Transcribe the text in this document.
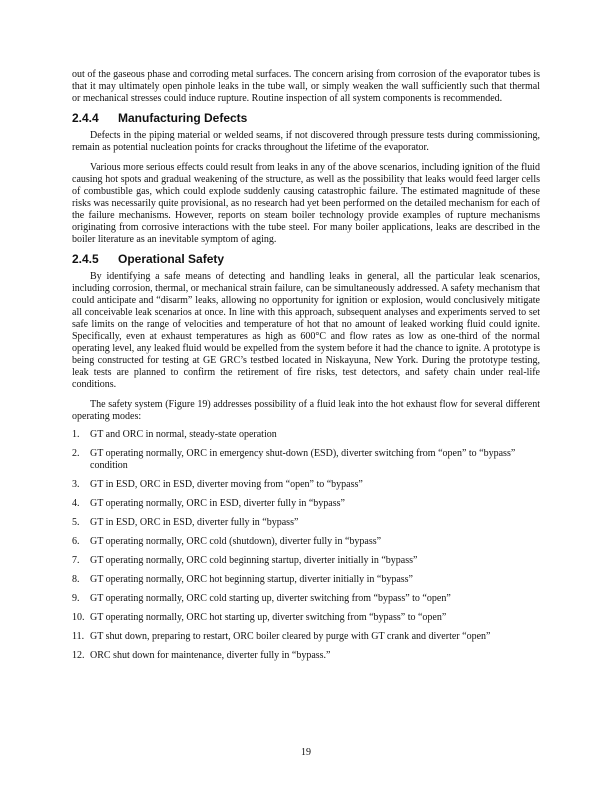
out of the gaseous phase and corroding metal surfaces. The concern arising from corrosion of the evaporator tubes is that it may ultimately open pinhole leaks in the tube wall, or simply weaken the wall sufficiently such that thermal or mechanical stresses could induce rupture. Routine inspection of all system components is recommended.

2.4.4	Manufacturing Defects

Defects in the piping material or welded seams, if not discovered through pressure tests during commissioning, remain as potential nucleation points for cracks throughout the lifetime of the evaporator.

Various more serious effects could result from leaks in any of the above scenarios, including ignition of the fluid causing hot spots and gradual weakening of the structure, as well as the possibility that leaks would feed larger cells of combustible gas, which could explode suddenly causing catastrophic failure. The estimated magnitude of these risks was necessarily quite provisional, as no research had yet been performed on the detailed mechanism for each of the failure mechanisms. However, reports on steam boiler technology provide examples of rupture mechanisms originating from corrosive interactions with the tube steel. For many boiler applications, leaks are described in the boiler literature as an inevitable symptom of aging.

2.4.5	Operational Safety

By identifying a safe means of detecting and handling leaks in general, all the particular leak scenarios, including corrosion, thermal, or mechanical strain failure, can be simultaneously addressed. A safety mechanism that could anticipate and “disarm” leaks, allowing no opportunity for ignition or explosion, would conclusively mitigate all conceivable leak scenarios at once. In line with this approach, subsequent analyses and experiments served to set safe limits on the range of velocities and temperature of hot that no amount of leaked working fluid could ignite. Specifically, even at exhaust temperatures as high as 600°C and flow rates as low as one-third of the normal operating level, any leaked fluid would be expelled from the system before it had the chance to ignite. A prototype is being constructed for testing at GE GRC’s testbed located in Niskayuna, New York. During the prototype testing, leak tests are planned to confirm the retirement of fire risks, test detectors, and safety chain under real-life conditions.

The safety system (Figure 19) addresses possibility of a fluid leak into the hot exhaust flow for several different operating modes:

1.	GT and ORC in normal, steady-state operation
2.	GT operating normally, ORC in emergency shut-down (ESD), diverter switching from “open” to “bypass” condition
3.	GT in ESD, ORC in ESD, diverter moving from “open” to “bypass”
4.	GT operating normally, ORC in ESD, diverter fully in “bypass”
5.	GT in ESD, ORC in ESD, diverter fully in “bypass”
6.	GT operating normally, ORC cold (shutdown), diverter fully in “bypass”
7.	GT operating normally, ORC cold beginning startup, diverter initially in “bypass”
8.	GT operating normally, ORC hot beginning startup, diverter initially in “bypass”
9.	GT operating normally, ORC cold starting up, diverter switching from “bypass” to “open”
10. GT operating normally, ORC hot starting up, diverter switching from “bypass” to “open”
11. GT shut down, preparing to restart, ORC boiler cleared by purge with GT crank and diverter “open”
12. ORC shut down for maintenance, diverter fully in “bypass.”
19
